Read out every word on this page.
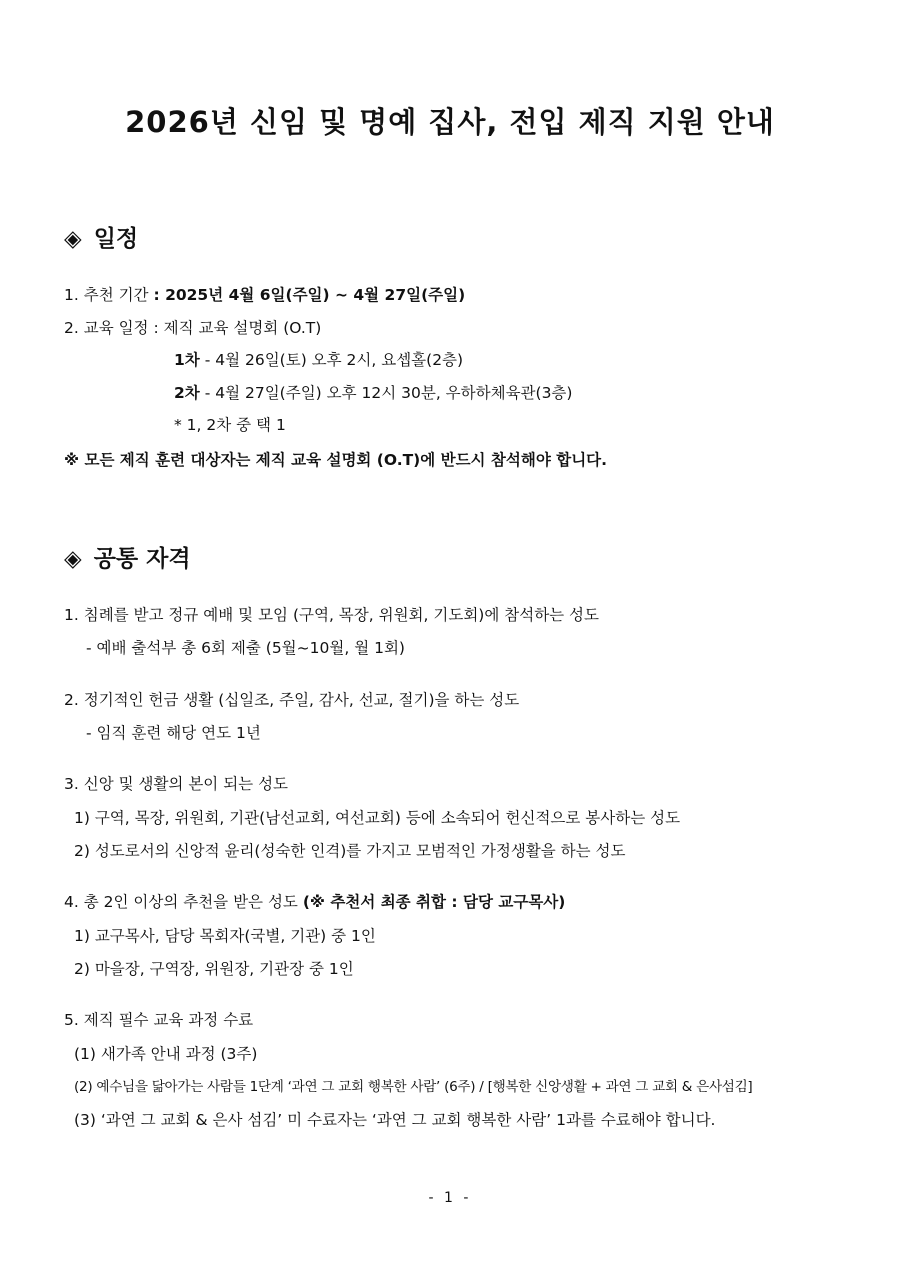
2026년 신임 및 명예 집사, 전입 제직 지원 안내
◈ 일정
1. 추천 기간 : 2025년 4월 6일(주일) ~ 4월 27일(주일)
2. 교육 일정 : 제직 교육 설명회 (O.T)
1차 - 4월 26일(토) 오후 2시, 요셉홀(2층)
2차 - 4월 27일(주일) 오후 12시 30분, 우하하체육관(3층)
* 1, 2차 중 택 1
※ 모든 제직 훈련 대상자는 제직 교육 설명회 (O.T)에 반드시 참석해야 합니다.
◈ 공통 자격
1. 침례를 받고 정규 예배 및 모임 (구역, 목장, 위원회, 기도회)에 참석하는 성도
- 예배 출석부 총 6회 제출 (5월~10월, 월 1회)
2. 정기적인 헌금 생활 (십일조, 주일, 감사, 선교, 절기)을 하는 성도
- 임직 훈련 해당 연도 1년
3. 신앙 및 생활의 본이 되는 성도
1) 구역, 목장, 위원회, 기관(남선교회, 여선교회) 등에 소속되어 헌신적으로 봉사하는 성도
2) 성도로서의 신앙적 윤리(성숙한 인격)를 가지고 모범적인 가정생활을 하는 성도
4. 총 2인 이상의 추천을 받은 성도 (※ 추천서 최종 취합 : 담당 교구목사)
1) 교구목사, 담당 목회자(국별, 기관) 중 1인
2) 마을장, 구역장, 위원장, 기관장 중 1인
5. 제직 필수 교육 과정 수료
(1) 새가족 안내 과정 (3주)
(2) 예수님을 닮아가는 사람들 1단계 ‘과연 그 교회 행복한 사람’ (6주) / [행복한 신앙생활 + 과연 그 교회 & 은사섬김]
(3) ‘과연 그 교회 & 은사 섬김’ 미 수료자는 ‘과연 그 교회 행복한 사람’ 1과를 수료해야 합니다.
- 1 -
